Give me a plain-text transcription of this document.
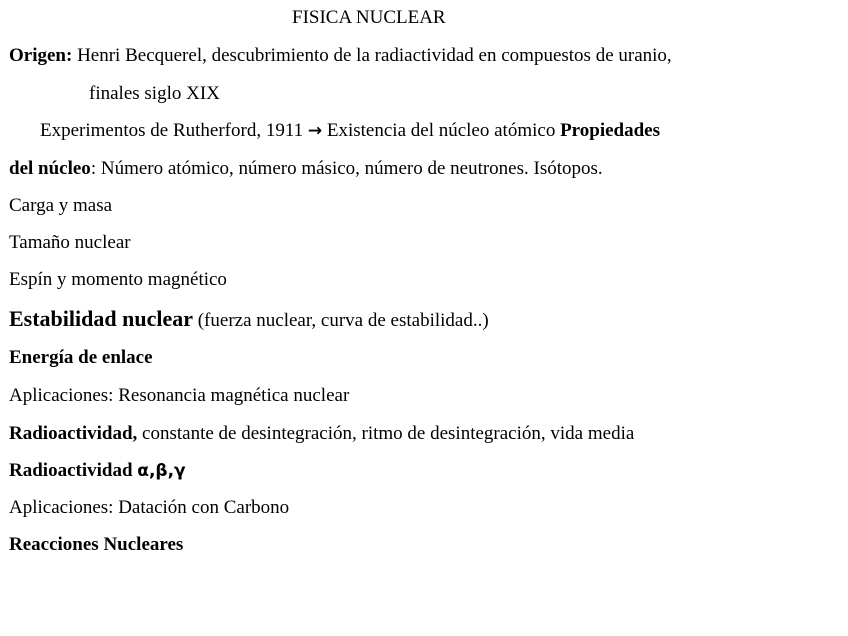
FISICA NUCLEAR
Origen: Henri Becquerel, descubrimiento de la radiactividad en compuestos de uranio,
finales siglo XIX
Experimentos de Rutherford, 1911 → Existencia del núcleo atómico Propiedades
del núcleo: Número atómico, número másico, número de neutrones. Isótopos.
Carga y masa
Tamaño nuclear
Espín y momento magnético
Estabilidad nuclear (fuerza nuclear, curva de estabilidad..)
Energía de enlace
Aplicaciones: Resonancia magnética nuclear
Radioactividad, constante de desintegración, ritmo de desintegración, vida media
Radioactividad α,β,γ
Aplicaciones: Datación con Carbono
Reacciones Nucleares
